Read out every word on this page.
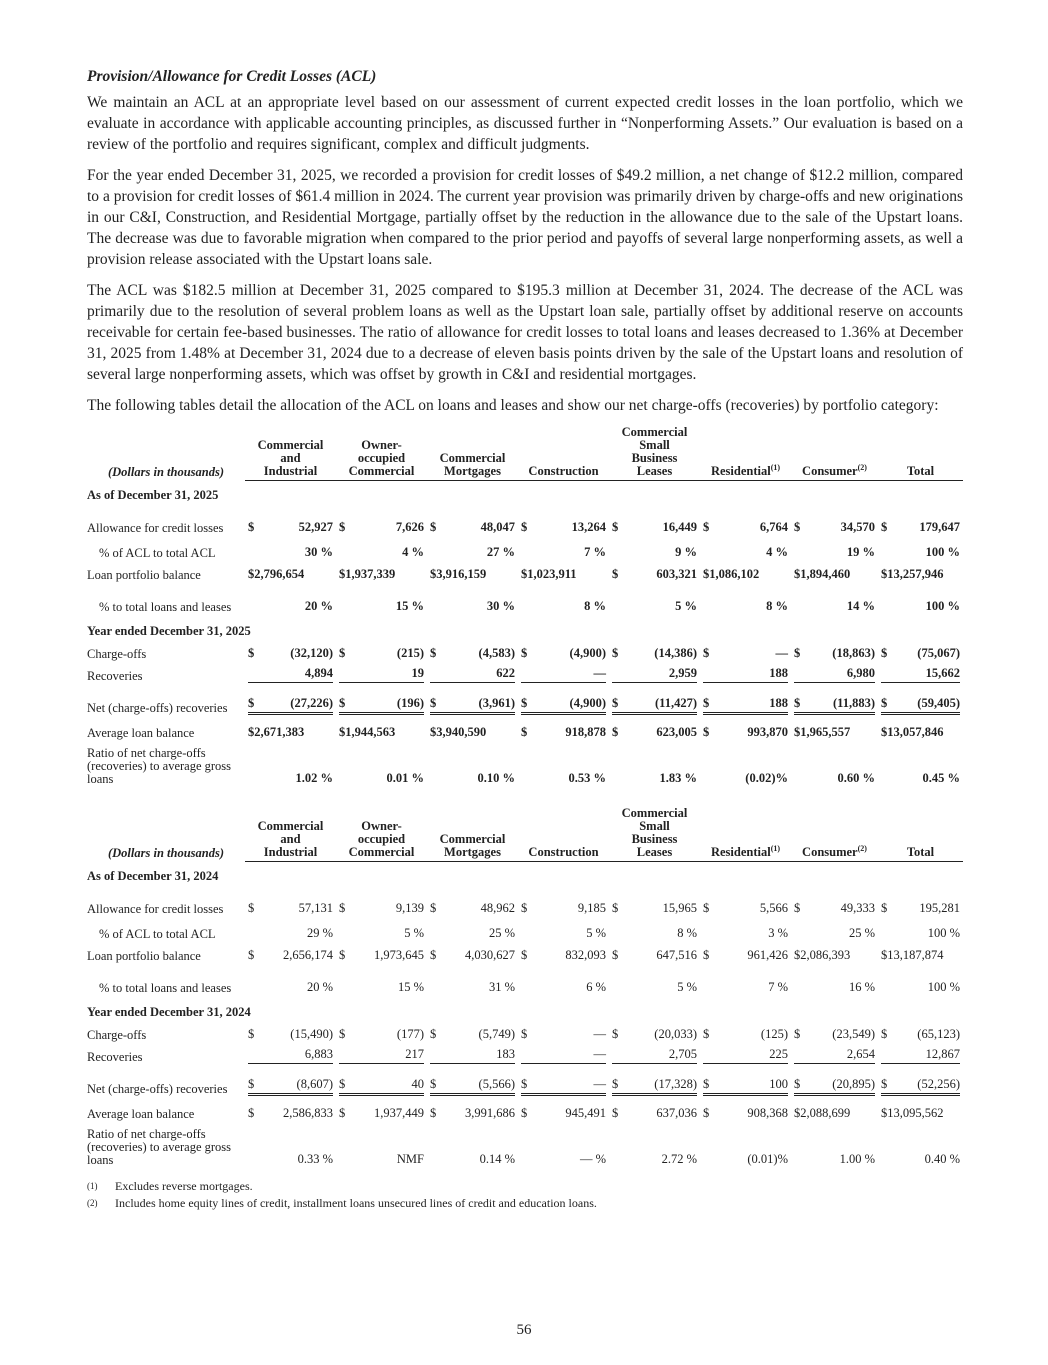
Provision/Allowance for Credit Losses (ACL)

We maintain an ACL at an appropriate level based on our assessment of current expected credit losses in the loan portfolio, which we evaluate in accordance with applicable accounting principles, as discussed further in “Nonperforming Assets.” Our evaluation is based on a review of the portfolio and requires significant, complex and difficult judgments.

For the year ended December 31, 2025, we recorded a provision for credit losses of $49.2 million, a net change of $12.2 million, compared to a provision for credit losses of $61.4 million in 2024. The current year provision was primarily driven by charge-offs and new originations in our C&I, Construction, and Residential Mortgage, partially offset by the reduction in the allowance due to the sale of the Upstart loans. The decrease was due to favorable migration when compared to the prior period and payoffs of several large nonperforming assets, as well a provision release associated with the Upstart loans sale.

The ACL was $182.5 million at December 31, 2025 compared to $195.3 million at December 31, 2024. The decrease of the ACL was primarily due to the resolution of several problem loans as well as the Upstart loan sale, partially offset by additional reserve on accounts receivable for certain fee-based businesses. The ratio of allowance for credit losses to total loans and leases decreased to 1.36% at December 31, 2025 from 1.48% at December 31, 2024 due to a decrease of eleven basis points driven by the sale of the Upstart loans and resolution of several large nonperforming assets, which was offset by growth in C&I and residential mortgages.

The following tables detail the allocation of the ACL on loans and leases and show our net charge-offs (recoveries) by portfolio category:

(Dollars in thousands)	Commercial
and
Industrial	Owner-
occupied
Commercial	Commercial
Mortgages	Construction	Commercial
Small
Business
Leases	Residential$^{(1)}$	Consumer$^{(2)}$	Total
As of December 31, 2025								
Allowance for credit losses	$ 52,927	$ 7,626	$ 48,047	$ 13,264	$ 16,449	$ 6,764	$ 34,570	$ 179,647

% of ACL to total ACL	30 %	4 %	27 %	7 %	9 %	4 %	19 %	100 %

Loan portfolio balance	$2,796,654	$1,937,339	$3,916,159	$1,023,911	$ 603,321	$1,086,102	$1,894,460	$13,257,946

% to total loans and leases	20 %	15 %	30 %	8 %	5 %	8 %	14 %	100 %

Year ended December 31, 2025								
Charge-offs	$ (32,120)	$ (215)	$ (4,583)	$ (4,900)	$ (14,386)	$ —	$ (18,863)	$ (75,067)

Recoveries	4,894	19	622	—	2,959	188	6,980	15,662

Net (charge-offs) recoveries	$ (27,226)	$ (196)	$ (3,961)	$ (4,900)	$ (11,427)	$ 188	$ (11,883)	$ (59,405)

Average loan balance	$2,671,383	$1,944,563	$3,940,590	$ 918,878	$ 623,005	$ 993,870	$1,965,557	$13,057,846

Ratio of net charge-offs (recoveries) to average gross loans	1.02 %	0.01 %	0.10 %	0.53 %	1.83 %	(0.02)%	0.60 %	0.45 %
(Dollars in thousands)	Commercial
and
Industrial	Owner-
occupied
Commercial	Commercial
Mortgages	Construction	Commercial
Small
Business
Leases	Residential$^{(1)}$	Consumer$^{(2)}$	Total
As of December 31, 2024								
Allowance for credit losses	$ 57,131	$ 9,139	$ 48,962	$ 9,185	$ 15,965	$ 5,566	$ 49,333	$ 195,281

% of ACL to total ACL	29 %	5 %	25 %	5 %	8 %	3 %	25 %	100 %

Loan portfolio balance	$ 2,656,174	$ 1,973,645	$ 4,030,627	$ 832,093	$ 647,516	$ 961,426	$2,086,393	$13,187,874

% to total loans and leases	20 %	15 %	31 %	6 %	5 %	7 %	16 %	100 %

Year ended December 31, 2024								
Charge-offs	$ (15,490)	$ (177)	$ (5,749)	$ —	$ (20,033)	$ (125)	$ (23,549)	$ (65,123)

Recoveries	6,883	217	183	—	2,705	225	2,654	12,867

Net (charge-offs) recoveries	$ (8,607)	$ 40	$ (5,566)	$ —	$ (17,328)	$ 100	$ (20,895)	$ (52,256)

Average loan balance	$ 2,586,833	$ 1,937,449	$ 3,991,686	$ 945,491	$ 637,036	$ 908,368	$2,088,699	$13,095,562

Ratio of net charge-offs (recoveries) to average gross loans	0.33 %	NMF	0.14 %	— %	2.72 %	(0.01)%	1.00 %	0.40 %
(1)	Excludes reverse mortgages.
(2)	Includes home equity lines of credit, installment loans unsecured lines of credit and education loans.
56
